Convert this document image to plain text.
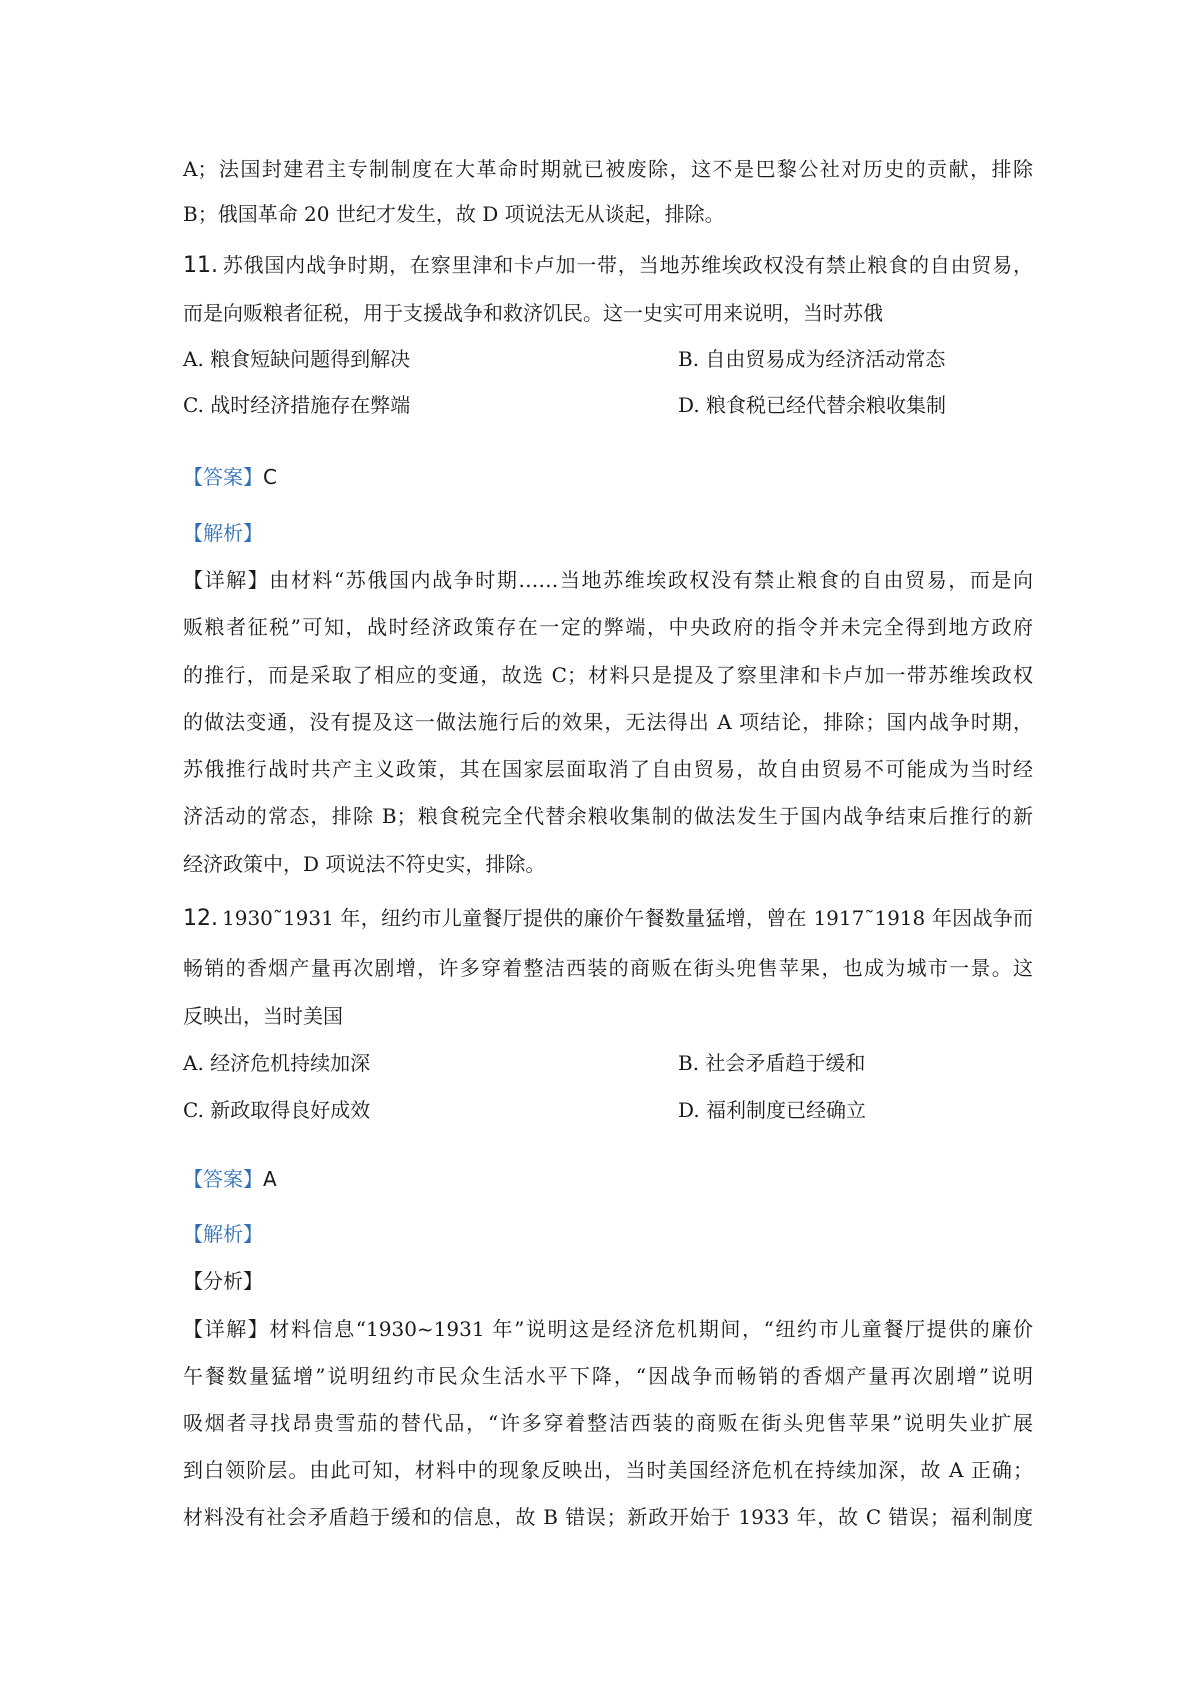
A；法国封建君主专制制度在大革命时期就已被废除，这不是巴黎公社对历史的贡献，排除
B；俄国革命 20 世纪才发生，故 D 项说法无从谈起，排除。
11. 苏俄国内战争时期，在察里津和卡卢加一带，当地苏维埃政权没有禁止粮食的自由贸易，
而是向贩粮者征税，用于支援战争和救济饥民。这一史实可用来说明，当时苏俄
A. 粮食短缺问题得到解决	B. 自由贸易成为经济活动常态
C. 战时经济措施存在弊端	D. 粮食税已经代替余粮收集制
【答案】C
【解析】
【详解】由材料“苏俄国内战争时期……当地苏维埃政权没有禁止粮食的自由贸易，而是向
贩粮者征税”可知，战时经济政策存在一定的弊端，中央政府的指令并未完全得到地方政府
的推行，而是采取了相应的变通，故选 C；材料只是提及了察里津和卡卢加一带苏维埃政权
的做法变通，没有提及这一做法施行后的效果，无法得出 A 项结论，排除；国内战争时期，
苏俄推行战时共产主义政策，其在国家层面取消了自由贸易，故自由贸易不可能成为当时经
济活动的常态，排除 B；粮食税完全代替余粮收集制的做法发生于国内战争结束后推行的新
经济政策中，D 项说法不符史实，排除。
12. 1930˜1931 年，纽约市儿童餐厅提供的廉价午餐数量猛增，曾在 1917˜1918 年因战争而
畅销的香烟产量再次剧增，许多穿着整洁西装的商贩在街头兜售苹果，也成为城市一景。这
反映出，当时美国
A. 经济危机持续加深	B. 社会矛盾趋于缓和
C. 新政取得良好成效	D. 福利制度已经确立
【答案】A
【解析】
【分析】
【详解】材料信息“1930~1931 年”说明这是经济危机期间，“纽约市儿童餐厅提供的廉价
午餐数量猛增”说明纽约市民众生活水平下降，“因战争而畅销的香烟产量再次剧增”说明
吸烟者寻找昂贵雪茄的替代品，“许多穿着整洁西装的商贩在街头兜售苹果”说明失业扩展
到白领阶层。由此可知，材料中的现象反映出，当时美国经济危机在持续加深，故 A 正确；
材料没有社会矛盾趋于缓和的信息，故 B 错误；新政开始于 1933 年，故 C 错误；福利制度
